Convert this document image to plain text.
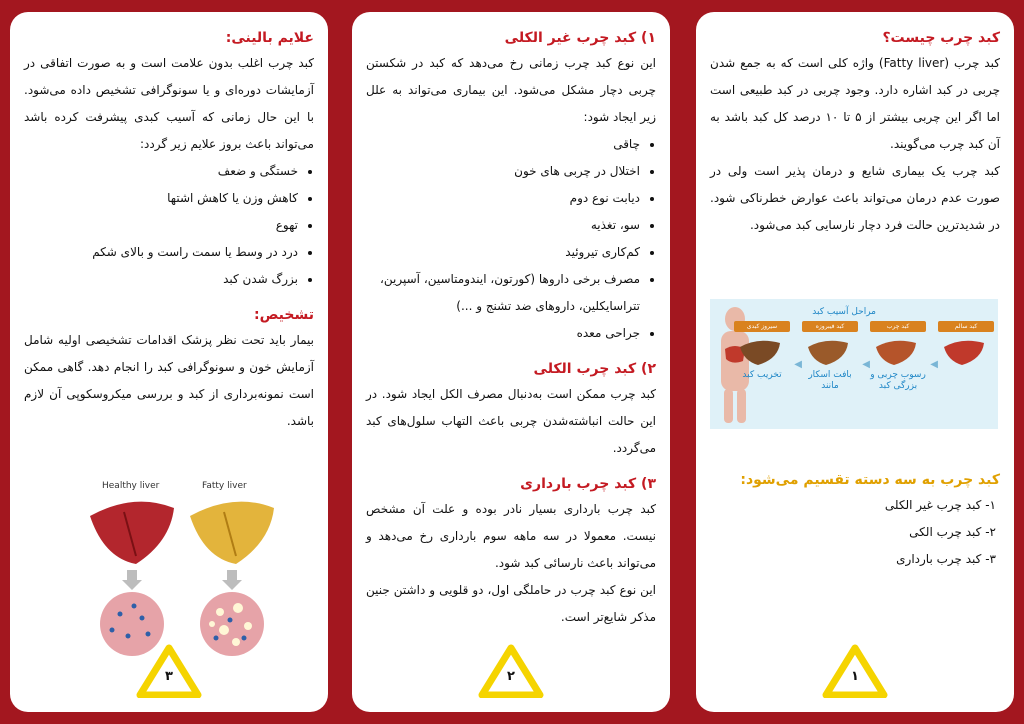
کبد چرب چیست؟

کبد چرب (Fatty liver) واژه کلی است که به جمع شدن چربی در کبد اشاره دارد. وجود چربی در کبد طبیعی است اما اگر این چربی بیشتر از ۵ تا ۱۰ درصد کل کبد باشد به آن کبد چرب می‌گویند.

کبد چرب یک بیماری شایع و درمان پذیر است ولی در صورت عدم درمان می‌تواند باعث عوارض خطرناکی شود. در شدیدترین حالت فرد دچار نارسایی کبد می‌شود.

مراحل آسیب کبد
کبد سالم
کبد چرب
رسوب چربی و بزرگی کبد
کبد فیبروزه
بافت اسکار مانند
سیروز کبدی
تخریب کبد
◀
◀
◀
کبد چرب به سه دسته تقسیم می‌شود:
۱- کبد چرب غیر الکلی
۲- کبد چرب الکی
۳- کبد چرب بارداری
۱
۱) کبد چرب غیر الکلی

این نوع کبد چرب زمانی رخ می‌دهد که کبد در شکستن چربی دچار مشکل می‌شود. این بیماری می‌تواند به علل زیر ایجاد شود:

• چاقی
• اختلال در چربی های خون
• دیابت نوع دوم
• سو، تغذیه
• کم‌کاری تیروئید
• مصرف برخی داروها (کورتون، ایندومتاسین، آسپرین، تتراسایکلین، داروهای ضد تشنج و ...)
• جراحی معده
۲) کبد چرب الکلی

کبد چرب ممکن است به‌دنبال مصرف الکل ایجاد شود. در این حالت انباشته‌شدن چربی باعث التهاب سلول‌های کبد می‌گردد.

۳) کبد چرب بارداری

کبد چرب بارداری بسیار نادر بوده و علت آن مشخص نیست. معمولا در سه ماهه سوم بارداری رخ می‌دهد و می‌تواند باعث نارسائی کبد شود.

این نوع کبد چرب در حاملگی اول، دو قلویی و داشتن جنین مذکر شایع‌تر است.

۲
علایم بالینی:

کبد چرب اغلب بدون علامت است و به صورت اتفاقی در آزمایشات دوره‌ای و یا سونوگرافی تشخیص داده می‌شود. با این حال زمانی که آسیب کبدی پیشرفت کرده باشد می‌تواند باعث بروز علایم زیر گردد:

• خستگی و ضعف
• کاهش وزن یا کاهش اشتها
• تهوع
• درد در وسط یا سمت راست و بالای شکم
• بزرگ شدن کبد
تشخیص:

بیمار باید تحت نظر پزشک اقدامات تشخیصی اولیه شامل آزمایش خون و سونوگرافی کبد را انجام دهد. گاهی ممکن است نمونه‌برداری از کبد و بررسی میکروسکوپی آن لازم باشد.

Healthy liver	Fatty liver
۳
